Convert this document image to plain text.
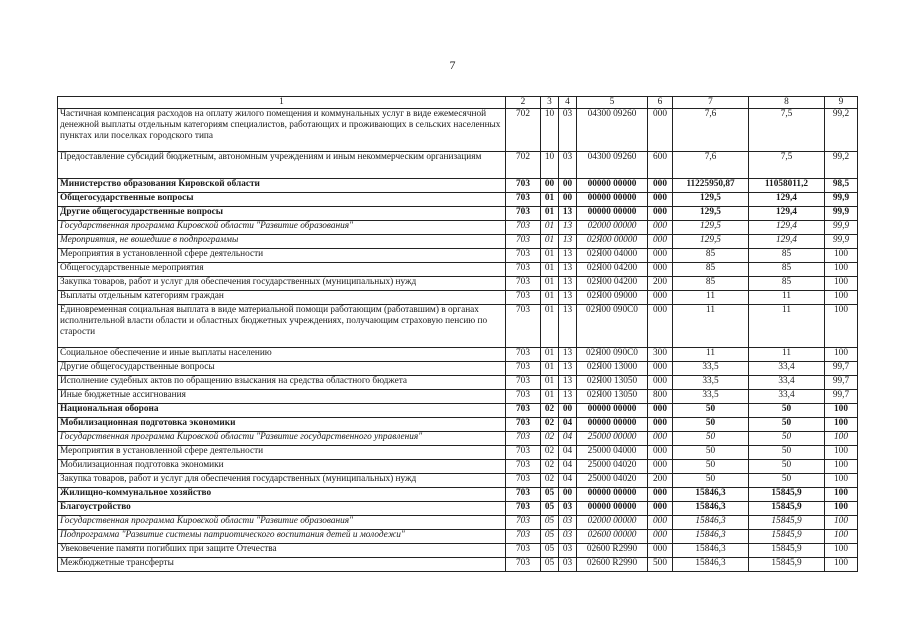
7
1	2	3	4	5	6	7	8	9
Частичная компенсация расходов на оплату жилого помещения и коммунальных услуг в виде ежемесячной денежной выплаты отдельным категориям специалистов, работающих и проживающих в сельских населенных пунктах или поселках городского типа	702	10	03	04300 09260	000	7,6	7,5	99,2
Предоставление субсидий бюджетным, автономным учреждениям и иным некоммерческим организациям	702	10	03	04300 09260	600	7,6	7,5	99,2
Министерство образования Кировской области	703	00	00	00000 00000	000	11225950,87	11058011,2	98,5
Общегосударственные вопросы	703	01	00	00000 00000	000	129,5	129,4	99,9
Другие общегосударственные вопросы	703	01	13	00000 00000	000	129,5	129,4	99,9
Государственная программа Кировской области "Развитие образования"	703	01	13	02000 00000	000	129,5	129,4	99,9
Мероприятия, не вошедшие в подпрограммы	703	01	13	02Я00 00000	000	129,5	129,4	99,9
Мероприятия в установленной сфере деятельности	703	01	13	02Я00 04000	000	85	85	100
Общегосударственные мероприятия	703	01	13	02Я00 04200	000	85	85	100
Закупка товаров, работ и услуг для обеспечения государственных (муниципальных) нужд	703	01	13	02Я00 04200	200	85	85	100
Выплаты отдельным категориям граждан	703	01	13	02Я00 09000	000	11	11	100
Единовременная социальная выплата в виде материальной помощи работающим (работавшим) в органах исполнительной власти области и областных бюджетных учреждениях, получающим страховую пенсию по старости	703	01	13	02Я00 090С0	000	11	11	100
Социальное обеспечение и иные выплаты населению	703	01	13	02Я00 090С0	300	11	11	100
Другие общегосударственные вопросы	703	01	13	02Я00 13000	000	33,5	33,4	99,7
Исполнение судебных актов по обращению взыскания на средства областного бюджета	703	01	13	02Я00 13050	000	33,5	33,4	99,7
Иные бюджетные ассигнования	703	01	13	02Я00 13050	800	33,5	33,4	99,7
Национальная оборона	703	02	00	00000 00000	000	50	50	100
Мобилизационная подготовка экономики	703	02	04	00000 00000	000	50	50	100
Государственная программа Кировской области "Развитие государственного управления"	703	02	04	25000 00000	000	50	50	100
Мероприятия в установленной сфере деятельности	703	02	04	25000 04000	000	50	50	100
Мобилизационная подготовка экономики	703	02	04	25000 04020	000	50	50	100
Закупка товаров, работ и услуг для обеспечения государственных (муниципальных) нужд	703	02	04	25000 04020	200	50	50	100
Жилищно-коммунальное хозяйство	703	05	00	00000 00000	000	15846,3	15845,9	100
Благоустройство	703	05	03	00000 00000	000	15846,3	15845,9	100
Государственная программа Кировской области "Развитие образования"	703	05	03	02000 00000	000	15846,3	15845,9	100
Подпрограмма "Развитие системы патриотического воспитания детей и молодежи"	703	05	03	02600 00000	000	15846,3	15845,9	100
Увековечение памяти погибших при защите Отечества	703	05	03	02600 R2990	000	15846,3	15845,9	100
Межбюджетные трансферты	703	05	03	02600 R2990	500	15846,3	15845,9	100
